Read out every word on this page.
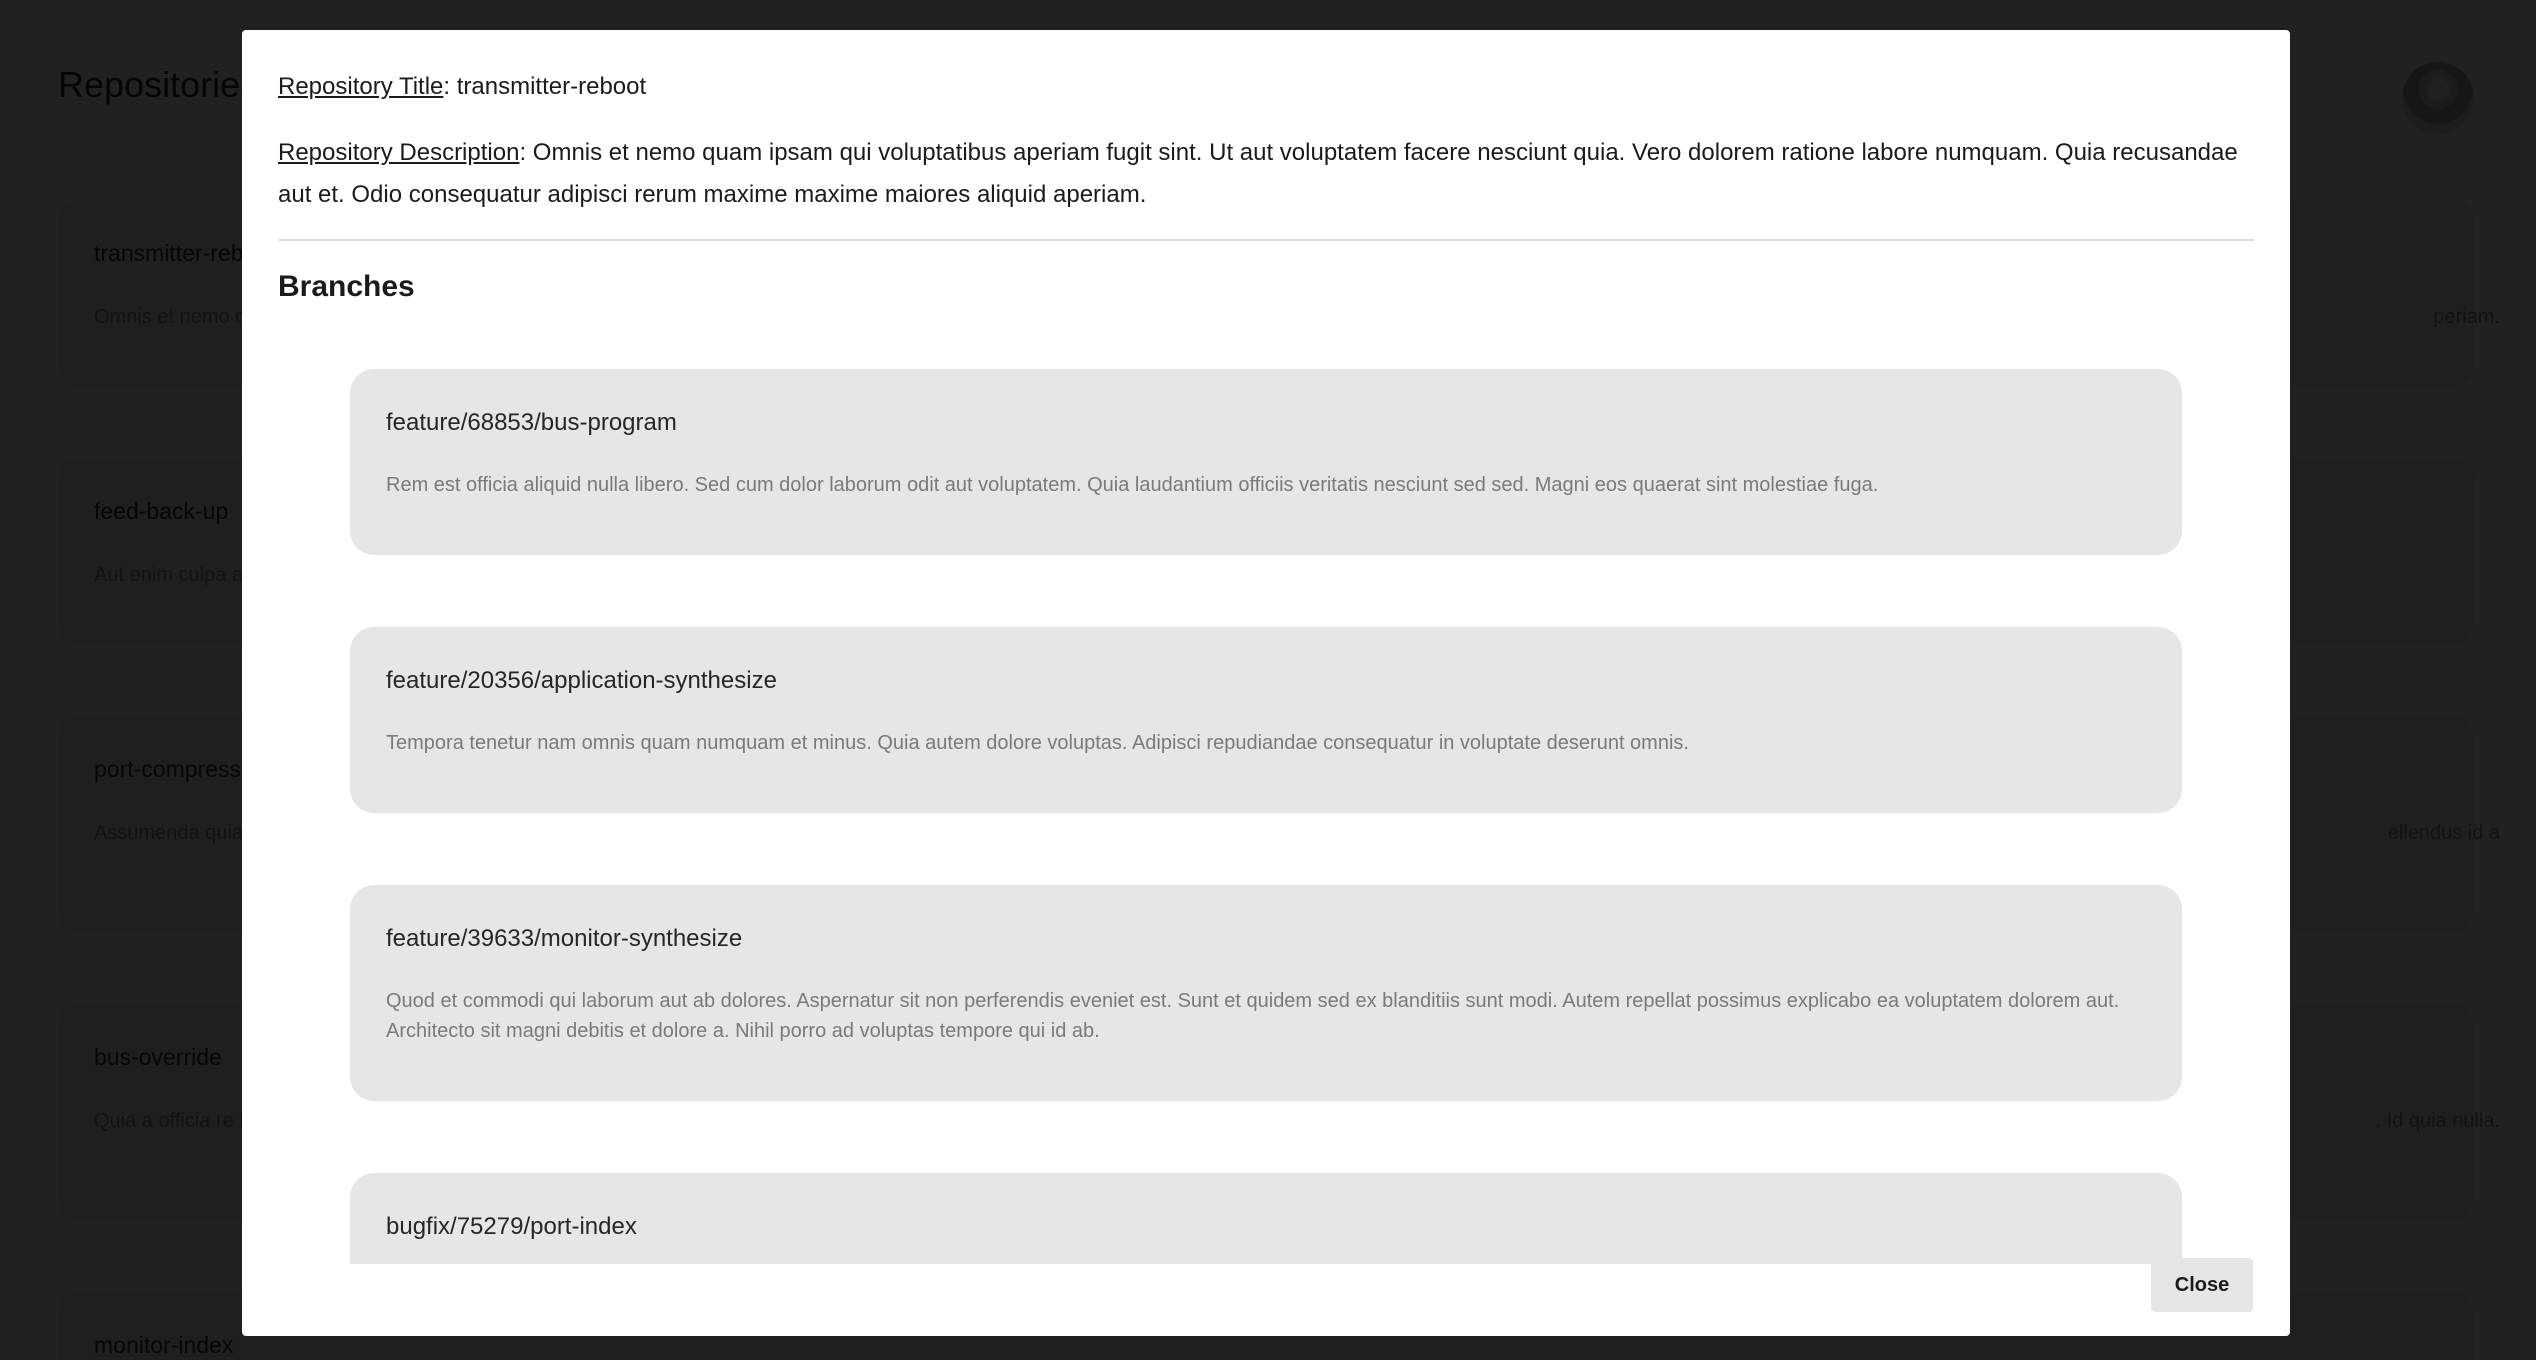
Repository Title: transmitter-reboot
Repository Description: Omnis et nemo quam ipsam qui voluptatibus aperiam fugit sint. Ut aut voluptatem facere nesciunt quia. Vero dolorem ratione labore numquam. Quia recusandae aut et. Odio consequatur adipisci rerum maxime maxime maiores aliquid aperiam.
Branches
feature/68853/bus-program
Rem est officia aliquid nulla libero. Sed cum dolor laborum odit aut voluptatem. Quia laudantium officiis veritatis nesciunt sed sed. Magni eos quaerat sint molestiae fuga.
feature/20356/application-synthesize
Tempora tenetur nam omnis quam numquam et minus. Quia autem dolore voluptas. Adipisci repudiandae consequatur in voluptate deserunt omnis.
feature/39633/monitor-synthesize
Quod et commodi qui laborum aut ab dolores. Aspernatur sit non perferendis eveniet est. Sunt et quidem sed ex blanditiis sunt modi. Autem repellat possimus explicabo ea voluptatem dolorem aut. Architecto sit magni debitis et dolore a. Nihil porro ad voluptas tempore qui id ab.
bugfix/75279/port-index
Close
